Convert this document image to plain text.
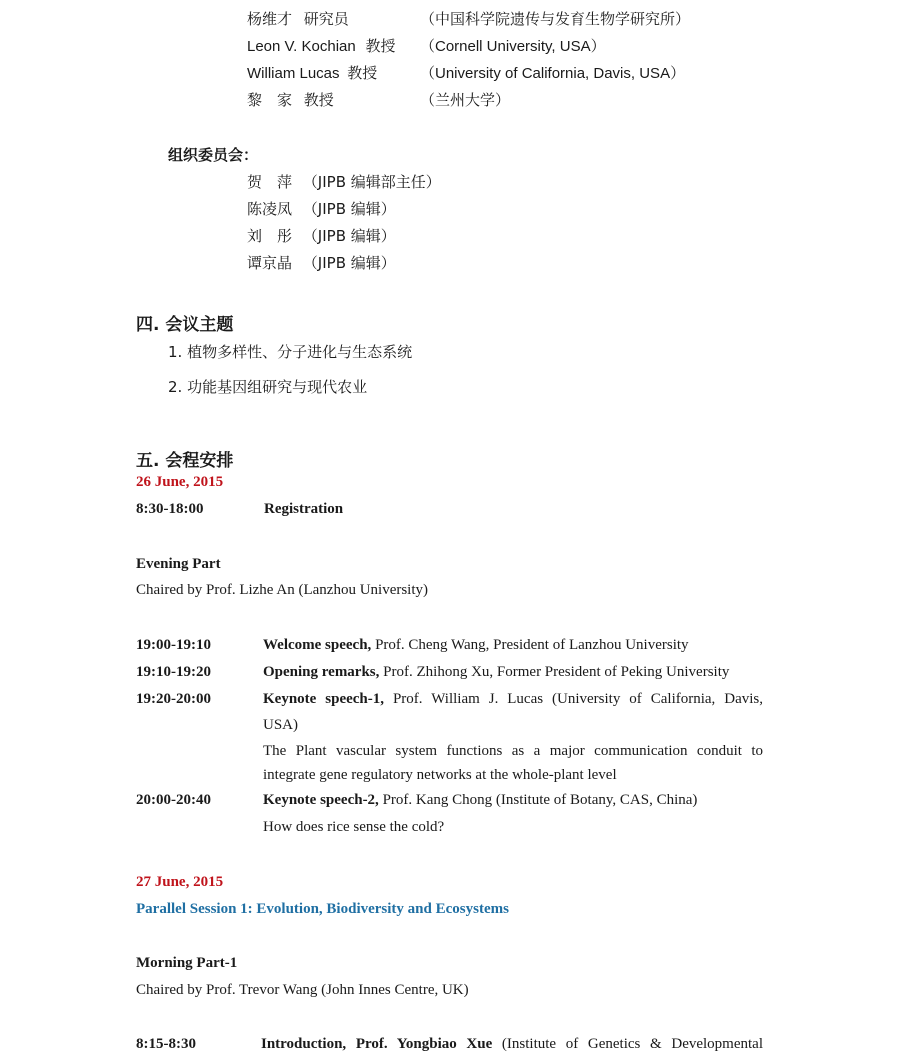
杨维才 研究员	（中国科学院遗传与发育生物学研究所）
Leon V. Kochian 教授 （Cornell University, USA）
William Lucas 教授	（University of California, Davis, USA）
黎　家 教授	（兰州大学）
组织委员会：
贺　萍 （JIPB 编辑部主任）
陈凌凤 （JIPB 编辑）
刘　彤 （JIPB 编辑）
谭京晶 （JIPB 编辑）
四. 会议主题
1. 植物多样性、分子进化与生态系统
2. 功能基因组研究与现代农业
五. 会程安排
26 June, 2015
8:30-18:00	Registration
Evening Part
Chaired by Prof. Lizhe An (Lanzhou University)
19:00-19:10	Welcome speech, Prof. Cheng Wang, President of Lanzhou University
19:10-19:20	Opening remarks, Prof. Zhihong Xu, Former President of Peking University
19:20-20:00	Keynote speech-1, Prof. William J. Lucas (University of California, Davis,
USA)
The Plant vascular system functions as a major communication conduit to
integrate gene regulatory networks at the whole-plant level
20:00-20:40	Keynote speech-2, Prof. Kang Chong (Institute of Botany, CAS, China)
How does rice sense the cold?
27 June, 2015
Parallel Session 1: Evolution, Biodiversity and Ecosystems
Morning Part-1
Chaired by Prof. Trevor Wang (John Innes Centre, UK)
8:15-8:30	Introduction, Prof. Yongbiao Xue (Institute of Genetics & Developmental
